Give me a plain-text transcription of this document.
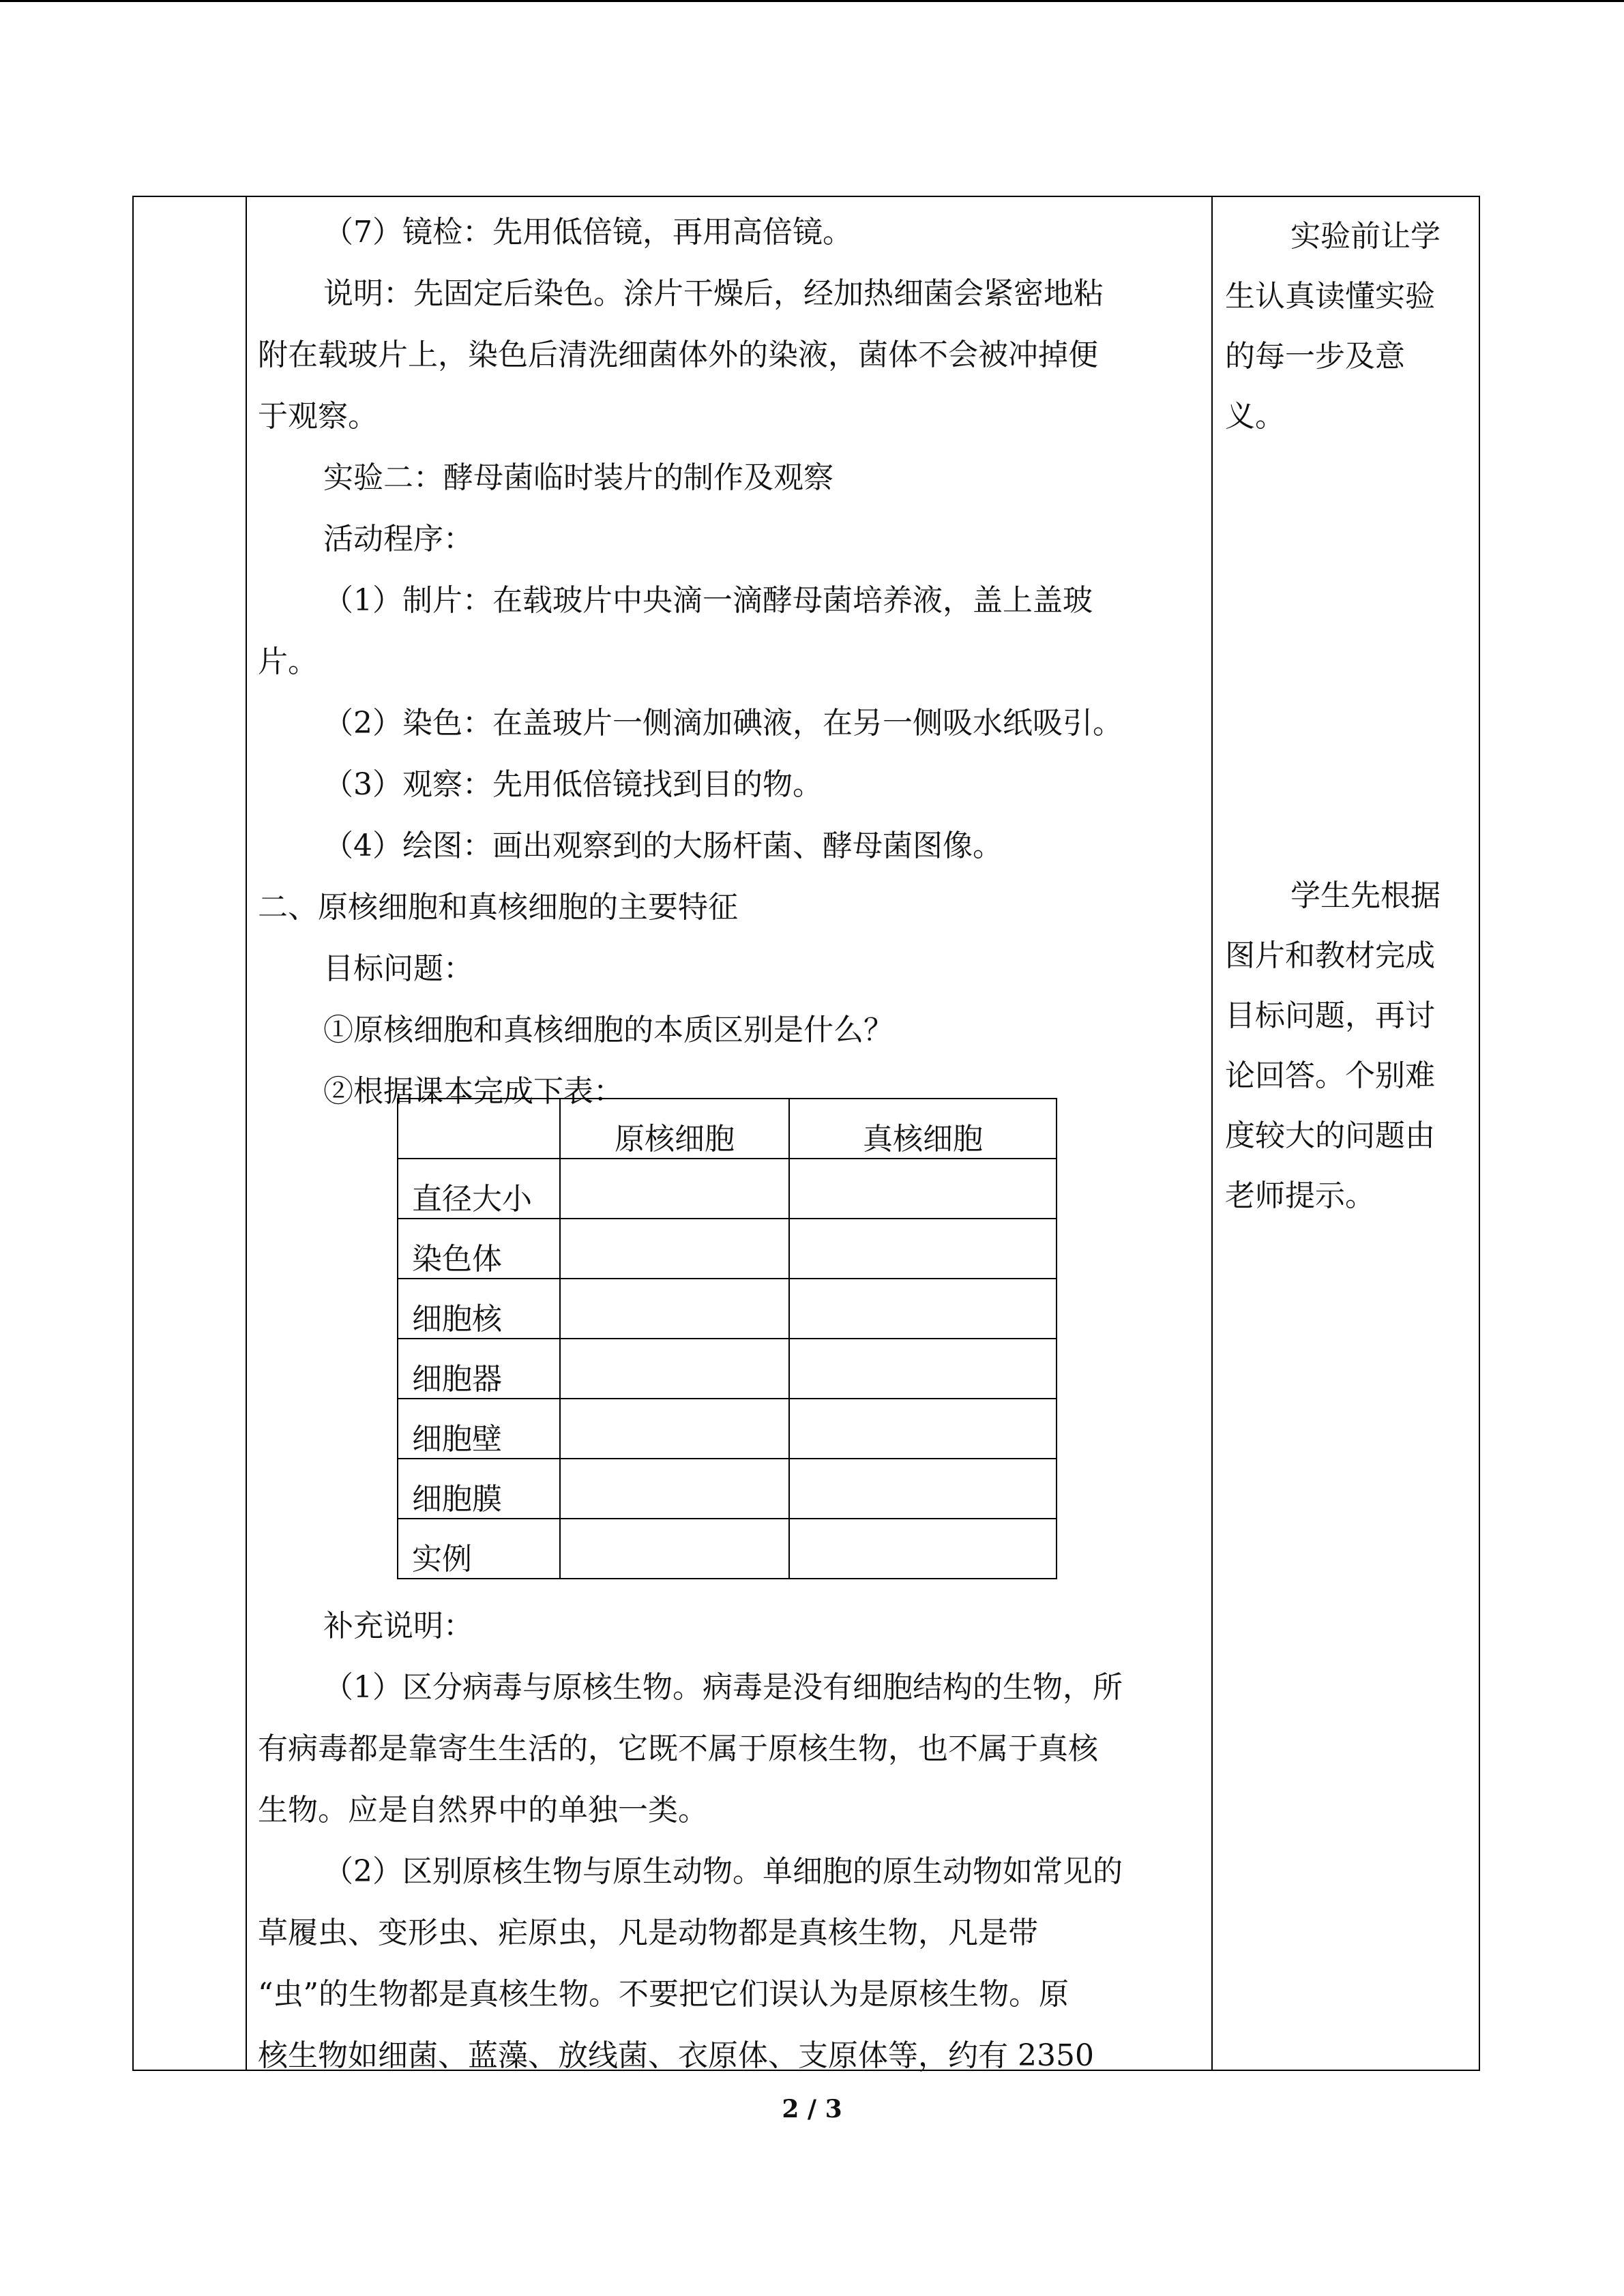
（7）镜检：先用低倍镜，再用高倍镜。

说明：先固定后染色。涂片干燥后，经加热细菌会紧密地粘

附在载玻片上，染色后清洗细菌体外的染液，菌体不会被冲掉便

于观察。

实验二：酵母菌临时装片的制作及观察

活动程序：

（1）制片：在载玻片中央滴一滴酵母菌培养液，盖上盖玻

片。

（2）染色：在盖玻片一侧滴加碘液，在另一侧吸水纸吸引。

（3）观察：先用低倍镜找到目的物。

（4）绘图：画出观察到的大肠杆菌、酵母菌图像。

二、原核细胞和真核细胞的主要特征

目标问题：

①原核细胞和真核细胞的本质区别是什么？

②根据课本完成下表：

	原核细胞	真核细胞
直径大小		
染色体		
细胞核		
细胞器		
细胞壁		
细胞膜		
实例		

补充说明：

（1）区分病毒与原核生物。病毒是没有细胞结构的生物，所

有病毒都是靠寄生生活的，它既不属于原核生物，也不属于真核

生物。应是自然界中的单独一类。

（2）区别原核生物与原生动物。单细胞的原生动物如常见的

草履虫、变形虫、疟原虫，凡是动物都是真核生物，凡是带

“虫”的生物都是真核生物。不要把它们误认为是原核生物。原

核生物如细菌、蓝藻、放线菌、衣原体、支原体等，约有 2350

实验前让学

生认真读懂实验

的每一步及意

义。

学生先根据

图片和教材完成

目标问题，再讨

论回答。个别难

度较大的问题由

老师提示。

2 / 3
